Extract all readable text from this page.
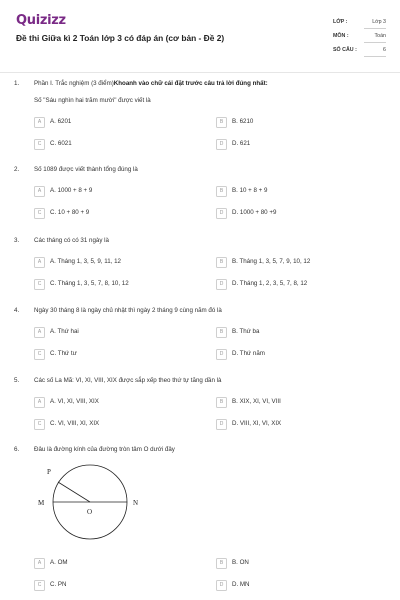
Quizizz
Đề thi Giữa kì 2 Toán lớp 3 có đáp án (cơ bản - Đề 2)
LỚP :	Lớp 3
MÔN :	Toán
SỐ CÂU :	6
1. Phần I. Trắc nghiệm (3 điểm)Khoanh vào chữ cái đặt trước câu trả lời đúng nhất:
Số "Sáu nghìn hai trăm mười" được viết là
A	A. 6201	B	B. 6210
C	C. 6021	D	D. 621
2. Số 1089 được viết thành tổng đúng là
A	A. 1000 + 8 + 9	B	B. 10 + 8 + 9
C	C. 10 + 80 + 9	D	D. 1000 + 80 +9
3. Các tháng có có 31 ngày là
A	A. Tháng 1, 3, 5, 9, 11, 12	B	B. Tháng 1, 3, 5, 7, 9, 10, 12
C	C. Tháng 1, 3, 5, 7, 8, 10, 12	D	D. Tháng 1, 2, 3, 5, 7, 8, 12
4. Ngày 30 tháng 8 là ngày chủ nhật thì ngày 2 tháng 9 cùng năm đó là
A	A. Thứ hai	B	B. Thứ ba
C	C. Thứ tư	D	D. Thứ năm
5. Các số La Mã: VI, XI, VIII, XIX được sắp xếp theo thứ tự tăng dần là
A	A. VI, XI, VIII, XIX	B	B. XIX, XI, VI, VIII
C	C. VI, VIII, XI, XIX	D	D. VIII, XI, VI, XIX
6. Đâu là đường kính của đường tròn tâm O dưới đây
P
M	N
O
A	A. OM	B	B. ON
C	C. PN	D	D. MN
